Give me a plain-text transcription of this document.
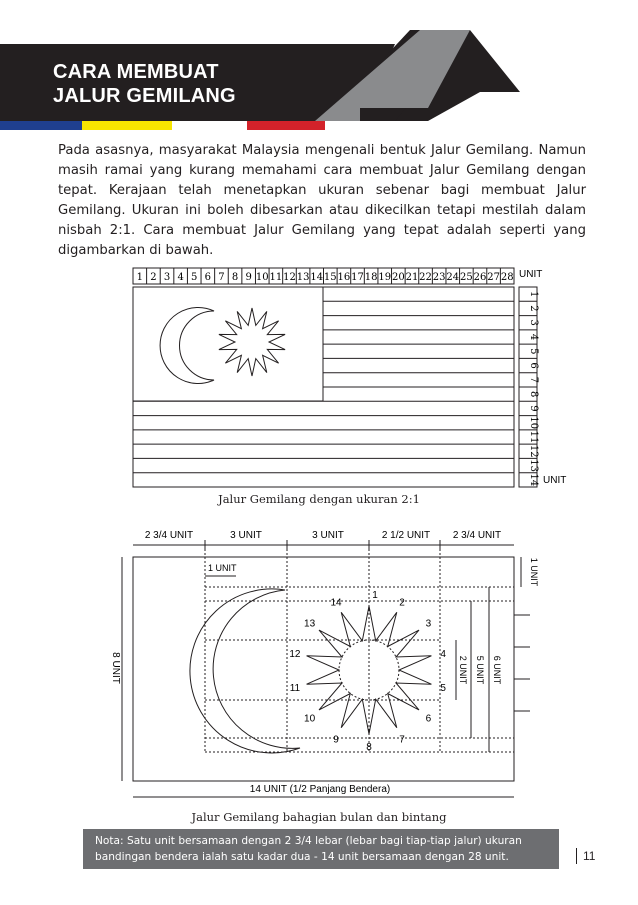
CARA MEMBUAT
JALUR GEMILANG
Pada asasnya, masyarakat Malaysia mengenali bentuk Jalur Gemilang. Namun masih ramai yang kurang memahami cara membuat Jalur Gemilang dengan tepat. Kerajaan telah menetapkan ukuran sebenar bagi membuat Jalur Gemilang. Ukuran ini boleh dibesarkan atau dikecilkan tetapi mestilah dalam nisbah 2:1. Cara membuat Jalur Gemilang yang tepat adalah seperti yang digambarkan di bawah.
1 2 3 4 5 6 7 8 9 10 11 12 13 14 15 16 17 18 19 20 21 22 23 24 25 26 27 28
1
2
3
4
5
6
7
8
9
10
11
12
13
14
UNIT
UNIT
Jalur Gemilang dengan ukuran 2:1
2 3/4 UNIT	3 UNIT	3 UNIT	2 1/2 UNIT 2 3/4 UNIT
1 UNIT
1
2
3
4
5
6
7
8
9
10
11
12
13
14
8 UNIT
14 UNIT (1/2 Panjang Bendera)
1 UNIT
2 UNIT 5 UNIT 6 UNIT
Jalur Gemilang bahagian bulan dan bintang
Nota: Satu unit bersamaan dengan 2 3/4 lebar (lebar bagi tiap-tiap jalur) ukuran
bandingan bendera ialah satu kadar dua - 14 unit bersamaan dengan 28 unit.	11
